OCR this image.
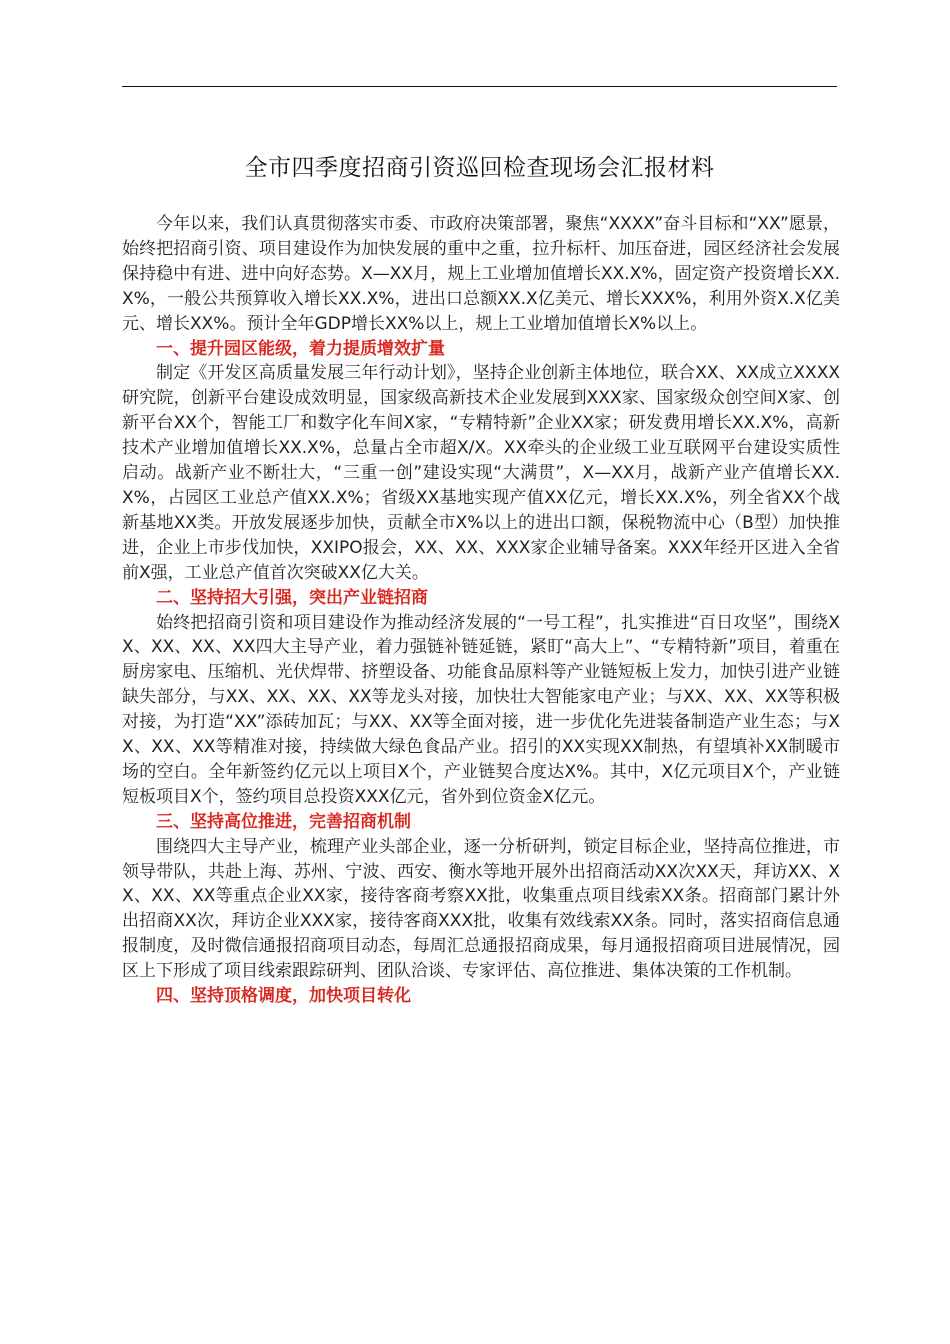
全市四季度招商引资巡回检查现场会汇报材料

今年以来，我们认真贯彻落实市委、市政府决策部署，聚焦“XXXX”奋斗目标和“XX”愿景，始终把招商引资、项目建设作为加快发展的重中之重，拉升标杆、加压奋进，园区经济社会发展保持稳中有进、进中向好态势。X—XX月，规上工业增加值增长XX.X%，固定资产投资增长XX.X%，一般公共预算收入增长XX.X%，进出口总额XX.X亿美元、增长XXX%，利用外资X.X亿美元、增长XX%。预计全年GDP增长XX%以上，规上工业增加值增长X%以上。

一、提升园区能级，着力提质增效扩量

制定《开发区高质量发展三年行动计划》，坚持企业创新主体地位，联合XX、XX成立XXXX研究院，创新平台建设成效明显，国家级高新技术企业发展到XXX家、国家级众创空间X家、创新平台XX个，智能工厂和数字化车间X家，“专精特新”企业XX家；研发费用增长XX.X%，高新技术产业增加值增长XX.X%，总量占全市超X/X。XX牵头的企业级工业互联网平台建设实质性启动。战新产业不断壮大，“三重一创”建设实现“大满贯”，X—XX月，战新产业产值增长XX.X%，占园区工业总产值XX.X%；省级XX基地实现产值XX亿元，增长XX.X%，列全省XX个战新基地XX类。开放发展逐步加快，贡献全市X%以上的进出口额，保税物流中心（B型）加快推进，企业上市步伐加快，XXIPO报会，XX、XX、XXX家企业辅导备案。XXX年经开区进入全省前X强，工业总产值首次突破XX亿大关。

二、坚持招大引强，突出产业链招商

始终把招商引资和项目建设作为推动经济发展的“一号工程”，扎实推进“百日攻坚”，围绕XX、XX、XX、XX四大主导产业，着力强链补链延链，紧盯“高大上”、“专精特新”项目，着重在厨房家电、压缩机、光伏焊带、挤塑设备、功能食品原料等产业链短板上发力，加快引进产业链缺失部分，与XX、XX、XX、XX等龙头对接，加快壮大智能家电产业；与XX、XX、XX等积极对接，为打造“XX”添砖加瓦；与XX、XX等全面对接，进一步优化先进装备制造产业生态；与XX、XX、XX等精准对接，持续做大绿色食品产业。招引的XX实现XX制热，有望填补XX制暖市场的空白。全年新签约亿元以上项目X个，产业链契合度达X%。其中，X亿元项目X个，产业链短板项目X个，签约项目总投资XXX亿元，省外到位资金X亿元。

三、坚持高位推进，完善招商机制

围绕四大主导产业，梳理产业头部企业，逐一分析研判，锁定目标企业，坚持高位推进，市领导带队，共赴上海、苏州、宁波、西安、衡水等地开展外出招商活动XX次XX天，拜访XX、XX、XX、XX等重点企业XX家，接待客商考察XX批，收集重点项目线索XX条。招商部门累计外出招商XX次，拜访企业XXX家，接待客商XXX批，收集有效线索XX条。同时，落实招商信息通报制度，及时微信通报招商项目动态，每周汇总通报招商成果，每月通报招商项目进展情况，园区上下形成了项目线索跟踪研判、团队洽谈、专家评估、高位推进、集体决策的工作机制。

四、坚持顶格调度，加快项目转化
